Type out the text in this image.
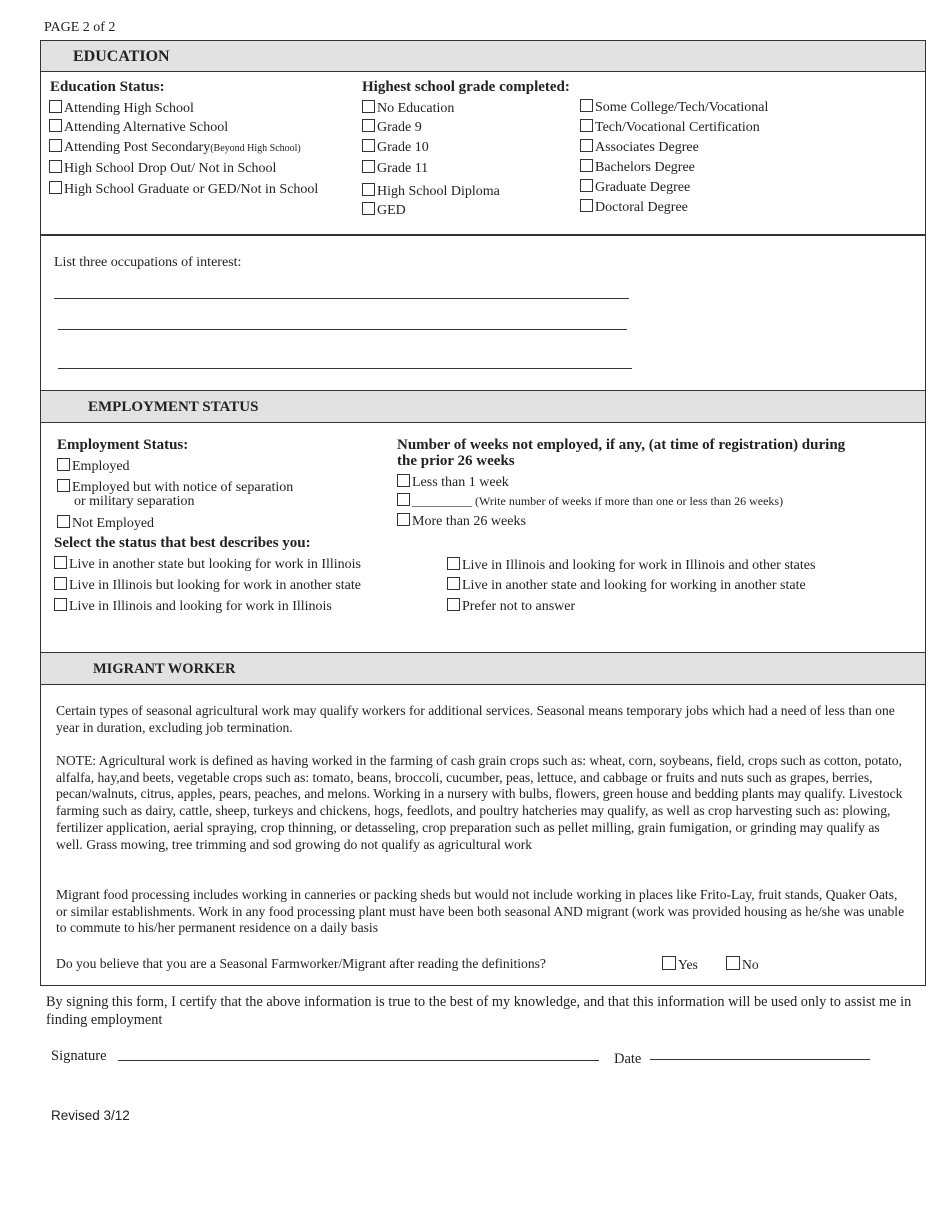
PAGE 2 of 2
EDUCATION
Education Status:
Attending High School
Attending Alternative School
Attending Post Secondary(Beyond High School)
High School Drop Out/ Not in School
High School Graduate or GED/Not in School
Highest school grade completed:
No Education
Grade 9
Grade 10
Grade 11
High School Diploma
GED
Some College/Tech/Vocational
Tech/Vocational Certification
Associates Degree
Bachelors Degree
Graduate Degree
Doctoral Degree
List three occupations of interest:
EMPLOYMENT STATUS
Employment Status:
Employed
Employed but with notice of separation
or military separation
Not Employed
Number of weeks not employed, if any, (at time of registration) during
the prior 26 weeks
Less than 1 week
__________ (Write number of weeks if more than one or less than 26 weeks)
More than 26 weeks
Select the status that best describes you:
Live in another state but looking for work in Illinois
Live in Illinois but looking for work in another state
Live in Illinois and looking for work in Illinois
Live in Illinois and looking for work in Illinois and other states
Live in another state and looking for working in another state
Prefer not to answer
MIGRANT WORKER
Certain types of seasonal agricultural work may qualify workers for additional services. Seasonal means temporary jobs which had a need of less than one year in duration, excluding job termination.
NOTE: Agricultural work is defined as having worked in the farming of cash grain crops such as: wheat, corn, soybeans, field, crops such as cotton, potato, alfalfa, hay,and beets, vegetable crops such as: tomato, beans, broccoli, cucumber, peas, lettuce, and cabbage or fruits and nuts such as grapes, berries, pecan/walnuts, citrus, apples, pears, peaches, and melons. Working in a nursery with bulbs, flowers, green house and bedding plants may qualify. Livestock farming such as dairy, cattle, sheep, turkeys and chickens, hogs, feedlots, and poultry hatcheries may qualify, as well as crop harvesting such as: plowing, fertilizer application, aerial spraying, crop thinning, or detasseling, crop preparation such as pellet milling, grain fumigation, or grinding may qualify as well. Grass mowing, tree trimming and sod growing do not qualify as agricultural work
Migrant food processing includes working in canneries or packing sheds but would not include working in places like Frito-Lay, fruit stands, Quaker Oats, or similar establishments. Work in any food processing plant must have been both seasonal AND migrant (work was provided housing as he/she was unable to commute to his/her permanent residence on a daily basis
Do you believe that you are a Seasonal Farmworker/Migrant after reading the definitions?	Yes	No
By signing this form, I certify that the above information is true to the best of my knowledge, and that this information will be used only to assist me in finding employment
Signature	Date
Revised 3/12
